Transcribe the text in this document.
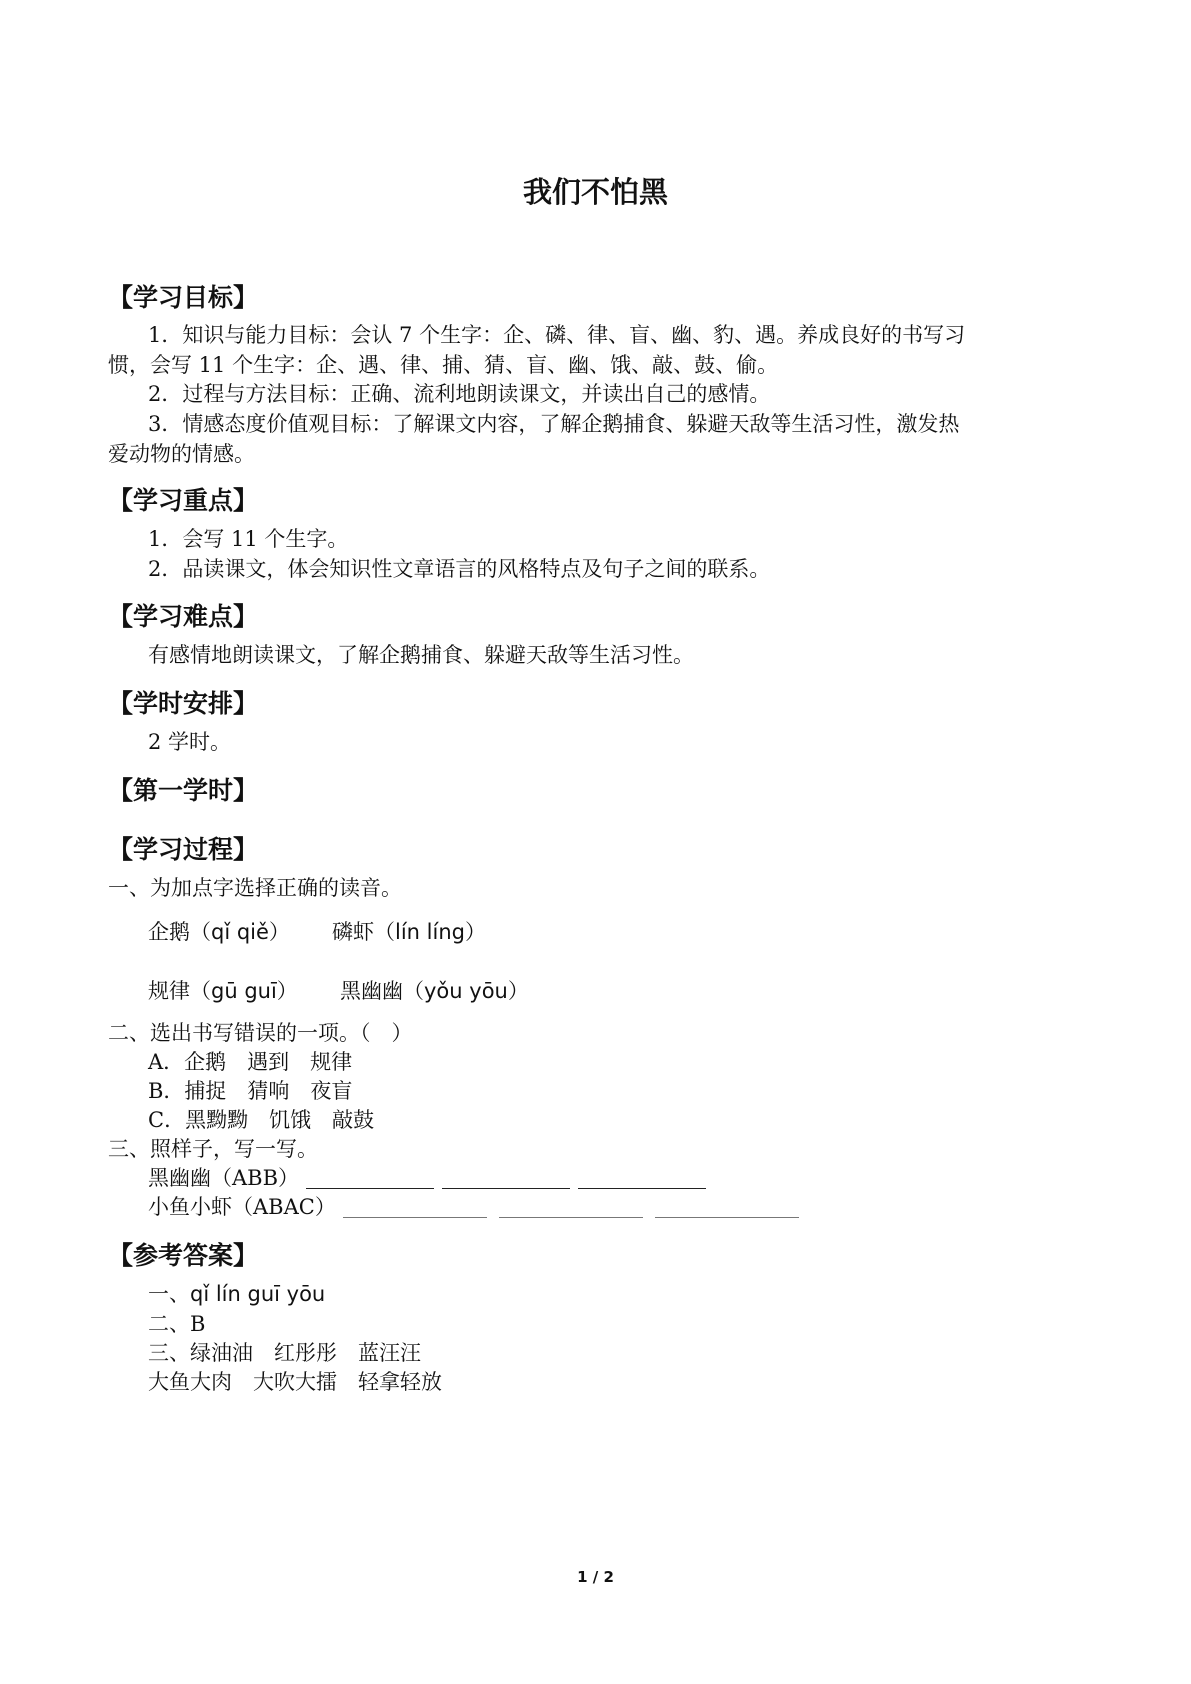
我们不怕黑
【学习目标】
1．知识与能力目标：会认 7 个生字：企、磷、律、盲、幽、豹、遇。养成良好的书写习
惯，会写 11 个生字：企、遇、律、捕、猜、盲、幽、饿、敲、鼓、偷。
2．过程与方法目标：正确、流利地朗读课文，并读出自己的感情。
3．情感态度价值观目标：了解课文内容，了解企鹅捕食、躲避天敌等生活习性，激发热
爱动物的情感。
【学习重点】
1．会写 11 个生字。
2．品读课文，体会知识性文章语言的风格特点及句子之间的联系。
【学习难点】
有感情地朗读课文，了解企鹅捕食、躲避天敌等生活习性。
【学时安排】
2 学时。
【第一学时】
【学习过程】
一、为加点字选择正确的读音。
企鹅（qǐ qiě） 磷虾（lín líng）
规律（gū guī） 黑幽幽（yǒu yōu）
二、选出书写错误的一项。（　）
A．企鹅　遇到　规律
B．捕捉　猜响　夜盲
C．黑黝黝　饥饿　敲鼓
三、照样子，写一写。
黑幽幽（ABB）
小鱼小虾（ABAC）
【参考答案】
一、qǐ lín guī yōu
二、B
三、绿油油　红彤彤　蓝汪汪
大鱼大肉　大吹大擂　轻拿轻放
1 / 2
